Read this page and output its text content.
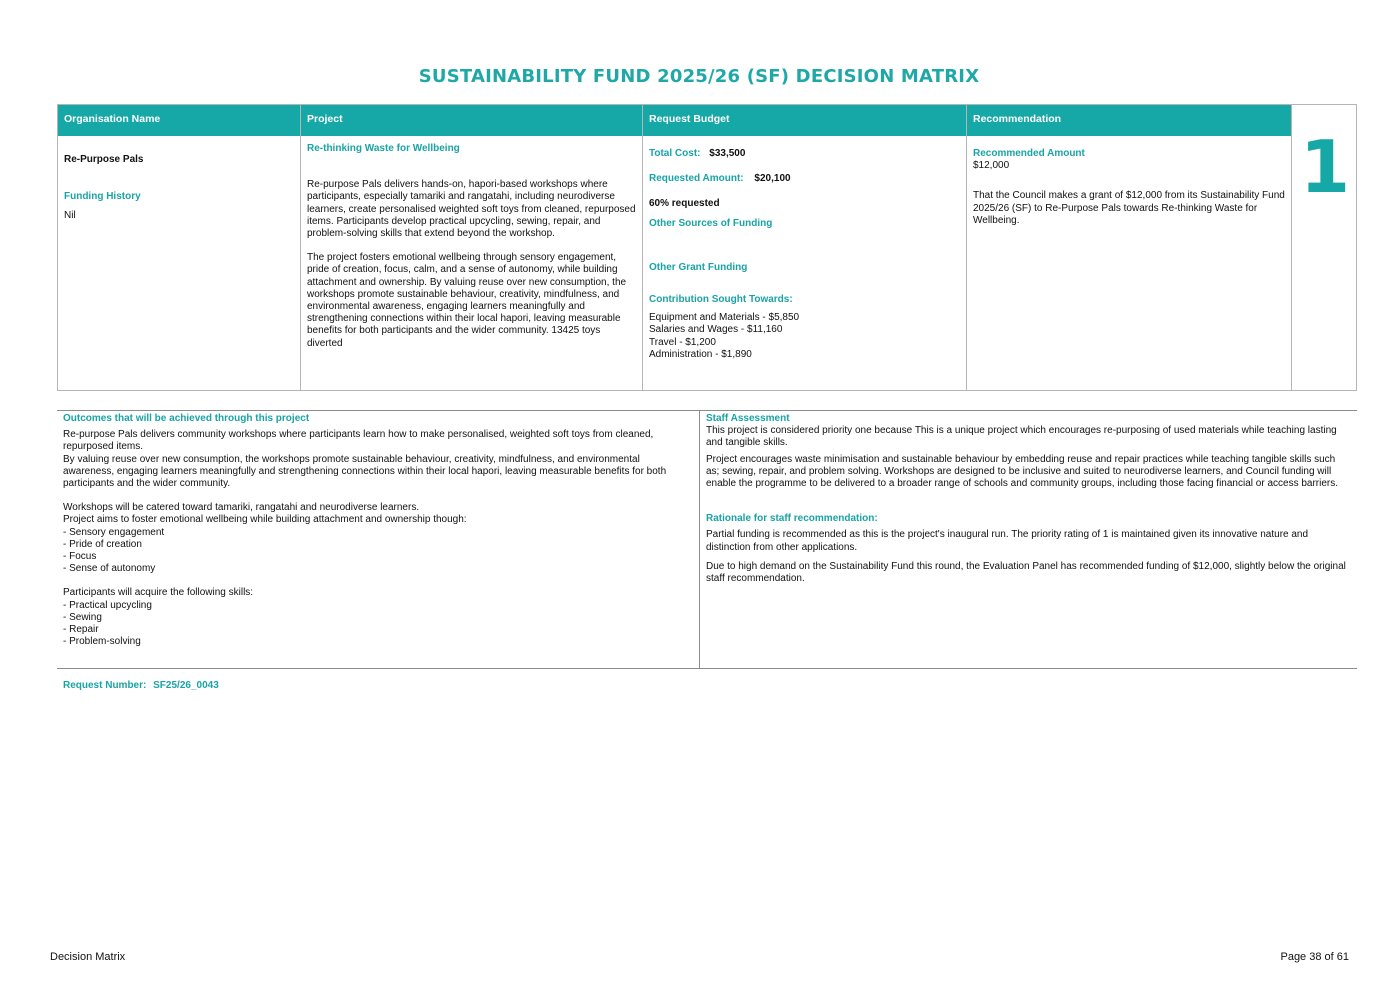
SUSTAINABILITY FUND 2025/26 (SF) DECISION MATRIX
Organisation Name

Re-Purpose Pals

Funding History

Nil

Project

Re-thinking Waste for Wellbeing

Re-purpose Pals delivers hands-on, hapori-based workshops where participants, especially tamariki and rangatahi, including neurodiverse learners, create personalised weighted soft toys from cleaned, repurposed items. Participants develop practical upcycling, sewing, repair, and problem-solving skills that extend beyond the workshop.

The project fosters emotional wellbeing through sensory engagement, pride of creation, focus, calm, and a sense of autonomy, while building attachment and ownership. By valuing reuse over new consumption, the workshops promote sustainable behaviour, creativity, mindfulness, and environmental awareness, engaging learners meaningfully and strengthening connections within their local hapori, leaving measurable benefits for both participants and the wider community. 13425 toys diverted

Request Budget

Total Cost: $33,500

Requested Amount: $20,100

60% requested

Other Sources of Funding

Other Grant Funding

Contribution Sought Towards:

Equipment and Materials - $5,850
Salaries and Wages - $11,160
Travel - $1,200
Administration - $1,890
Recommendation

Recommended Amount

$12,000

That the Council makes a grant of $12,000 from its Sustainability Fund 2025/26 (SF) to Re-Purpose Pals towards Re-thinking Waste for Wellbeing.

1

Outcomes that will be achieved through this project

Re-purpose Pals delivers community workshops where participants learn how to make personalised, weighted soft toys from cleaned, repurposed items.

By valuing reuse over new consumption, the workshops promote sustainable behaviour, creativity, mindfulness, and environmental awareness, engaging learners meaningfully and strengthening connections within their local hapori, leaving measurable benefits for both participants and the wider community.

Workshops will be catered toward tamariki, rangatahi and neurodiverse learners.

Project aims to foster emotional wellbeing while building attachment and ownership though:

- Sensory engagement
- Pride of creation
- Focus
- Sense of autonomy

Participants will acquire the following skills:

- Practical upcycling
- Sewing
- Repair
- Problem-solving

Staff Assessment

This project is considered priority one because This is a unique project which encourages re-purposing of used materials while teaching lasting and tangible skills.

Project encourages waste minimisation and sustainable behaviour by embedding reuse and repair practices while teaching tangible skills such as; sewing, repair, and problem solving. Workshops are designed to be inclusive and suited to neurodiverse learners, and Council funding will enable the programme to be delivered to a broader range of schools and community groups, including those facing financial or access barriers.

Rationale for staff recommendation:

Partial funding is recommended as this is the project's inaugural run. The priority rating of 1 is maintained given its innovative nature and distinction from other applications.

Due to high demand on the Sustainability Fund this round, the Evaluation Panel has recommended funding of $12,000, slightly below the original staff recommendation.

Request Number: SF25/26_0043
Decision Matrix	Page 38 of 61
